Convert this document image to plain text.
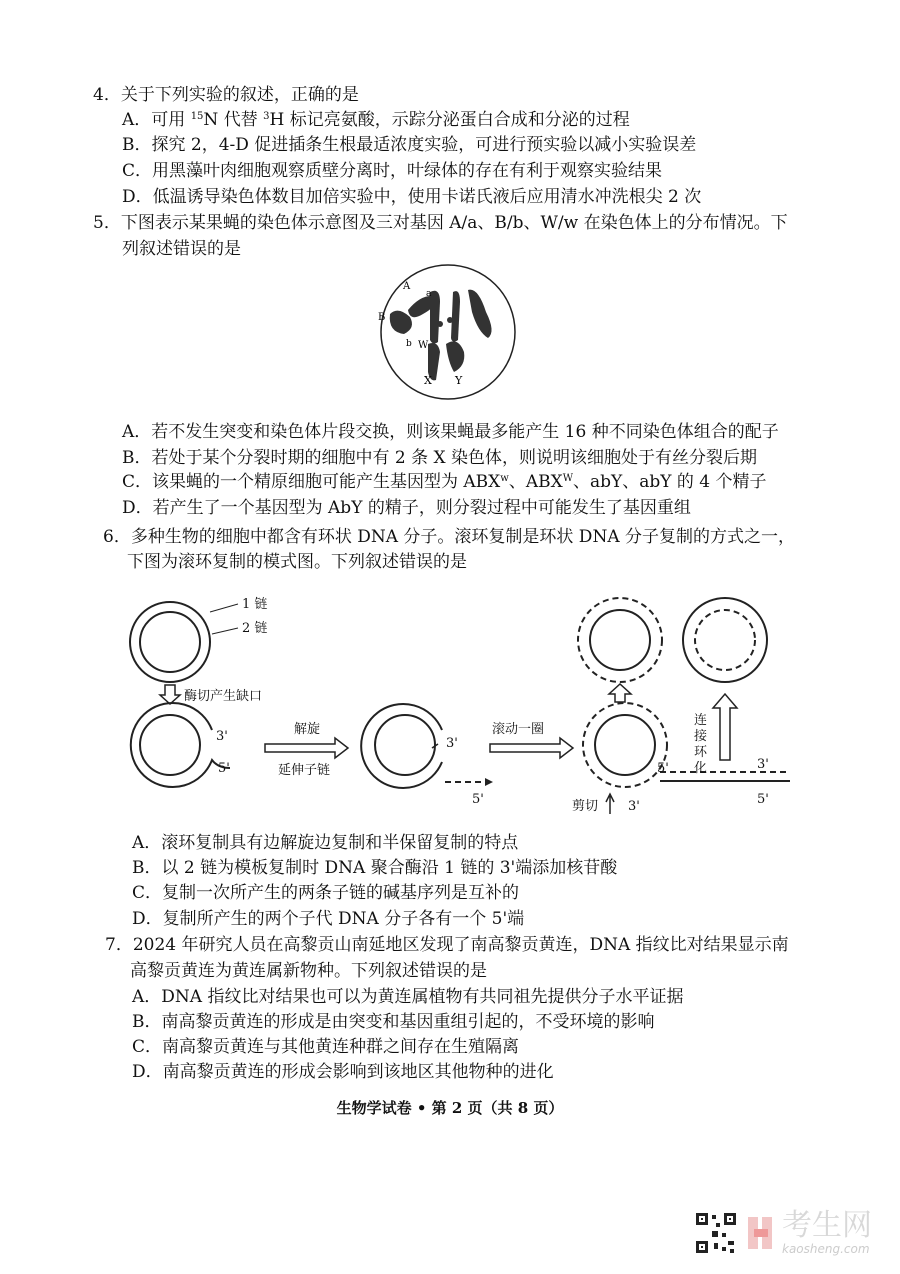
4．关于下列实验的叙述，正确的是
A．可用 $^{15}$N 代替 $^3$H 标记亮氨酸，示踪分泌蛋白合成和分泌的过程
B．探究 2，4-D 促进插条生根最适浓度实验，可进行预实验以减小实验误差
C．用黑藻叶肉细胞观察质壁分离时，叶绿体的存在有利于观察实验结果
D．低温诱导染色体数目加倍实验中，使用卡诺氏液后应用清水冲洗根尖 2 次
5．下图表示某果蝇的染色体示意图及三对基因 A/a、B/b、W/w 在染色体上的分布情况。下
列叙述错误的是
A
a
B
b W
X Y
A．若不发生突变和染色体片段交换，则该果蝇最多能产生 16 种不同染色体组合的配子
B．若处于某个分裂时期的细胞中有 2 条 X 染色体，则说明该细胞处于有丝分裂后期
C．该果蝇的一个精原细胞可能产生基因型为 ABX$^w$、$ABX^W$、abY、abY 的 4 个精子
D．若产生了一个基因型为 AbY 的精子，则分裂过程中可能发生了基因重组
6．多种生物的细胞中都含有环状 DNA 分子。滚环复制是环状 DNA 分子复制的方式之一，
下图为滚环复制的模式图。下列叙述错误的是
1 链
2 链
酶切产生缺口
解旋
延伸子链
滚动一圈
剪切
连
接
环
化
3'
5'
3'
5'
5'
3'
3'
5'
A．滚环复制具有边解旋边复制和半保留复制的特点
B．以 2 链为模板复制时 DNA 聚合酶沿 1 链的 3'端添加核苷酸
C．复制一次所产生的两条子链的碱基序列是互补的
D．复制所产生的两个子代 DNA 分子各有一个 5'端
7．2024 年研究人员在高黎贡山南延地区发现了南高黎贡黄连，DNA 指纹比对结果显示南
高黎贡黄连为黄连属新物种。下列叙述错误的是
A．DNA 指纹比对结果也可以为黄连属植物有共同祖先提供分子水平证据
B．南高黎贡黄连的形成是由突变和基因重组引起的，不受环境的影响
C．南高黎贡黄连与其他黄连种群之间存在生殖隔离
D．南高黎贡黄连的形成会影响到该地区其他物种的进化
生物学试卷 • 第 2 页（共 8 页）
考生网
kaosheng.com
